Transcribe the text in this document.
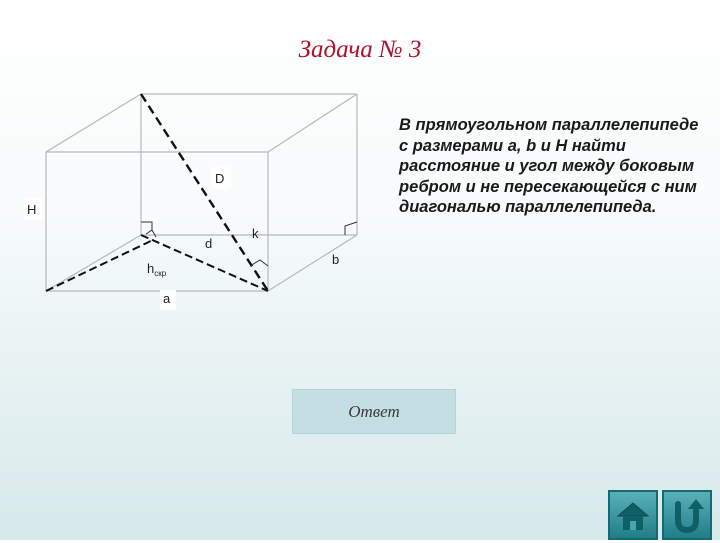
Задача № 3
D
H
d
k
b
a
$h_{скр}$
В прямоугольном параллелепипеде с размерами a, b и H найти расстояние и угол между боковым ребром и не пересекающейся с ним диагональю параллелепипеда.
Ответ
